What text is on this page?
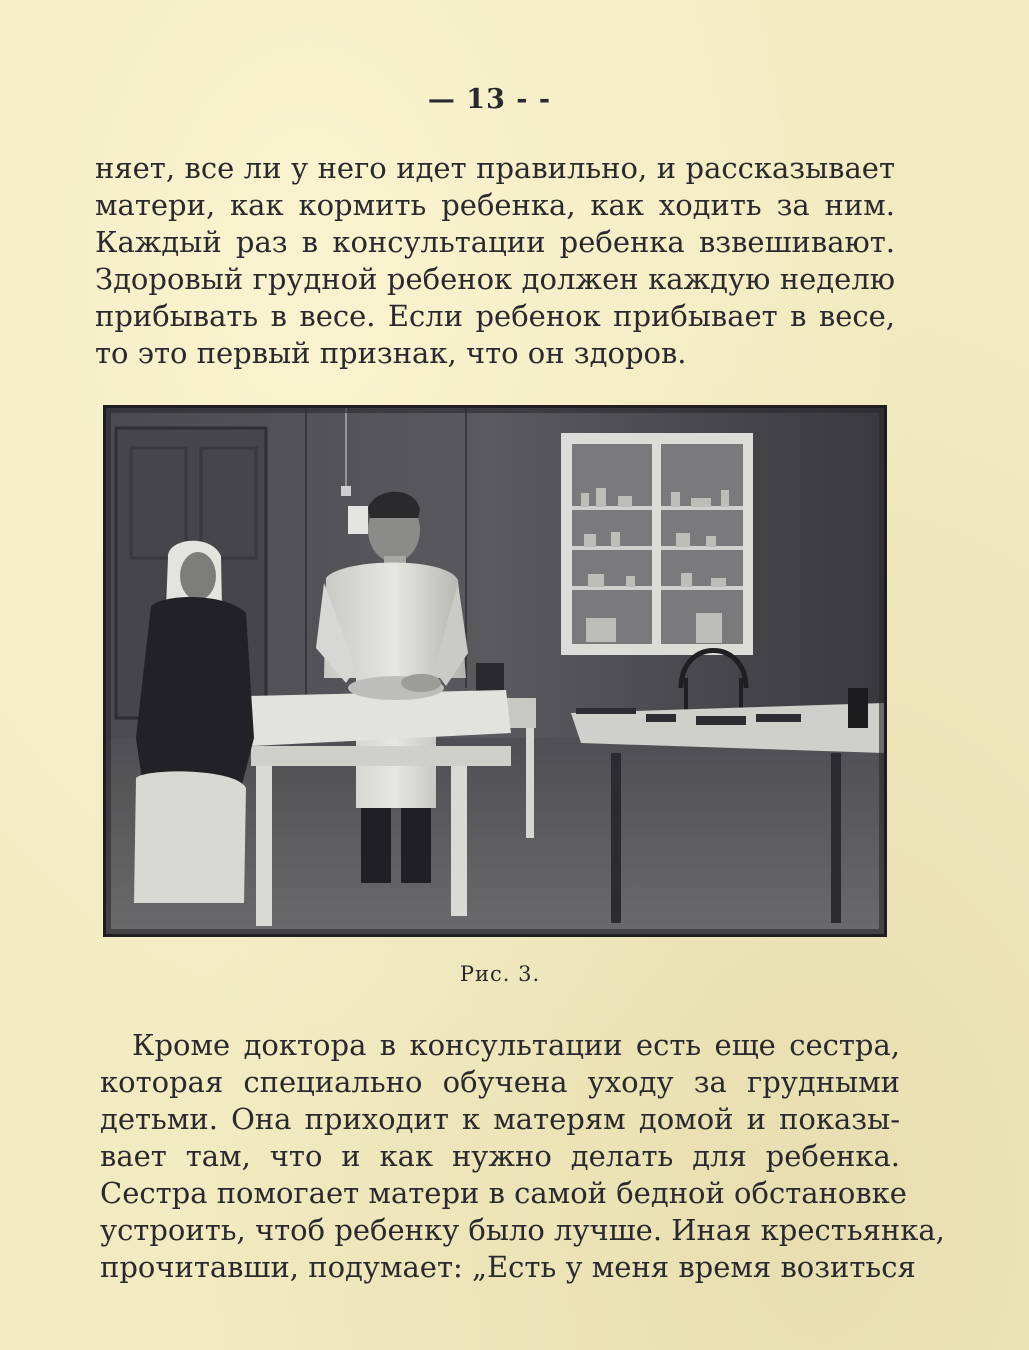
— 13 - -
няет, все ли у него идет правильно, и рассказывает
матери, как кормить ребенка, как ходить за ним.
Каждый раз в консультации ребенка взвешивают.
Здоровый грудной ребенок должен каждую неделю
прибывать в весе. Если ребенок прибывает в весе,
то это первый признак, что он здоров.
Рис. 3.
Кроме доктора в консультации есть еще сестра,
которая специально обучена уходу за грудными
детьми. Она приходит к матерям домой и показы-
вает там, что и как нужно делать для ребенка.
Сестра помогает матери в самой бедной обстановке
устроить, чтоб ребенку было лучше. Иная крестьянка,
прочитавши, подумает: „Есть у меня время возиться
